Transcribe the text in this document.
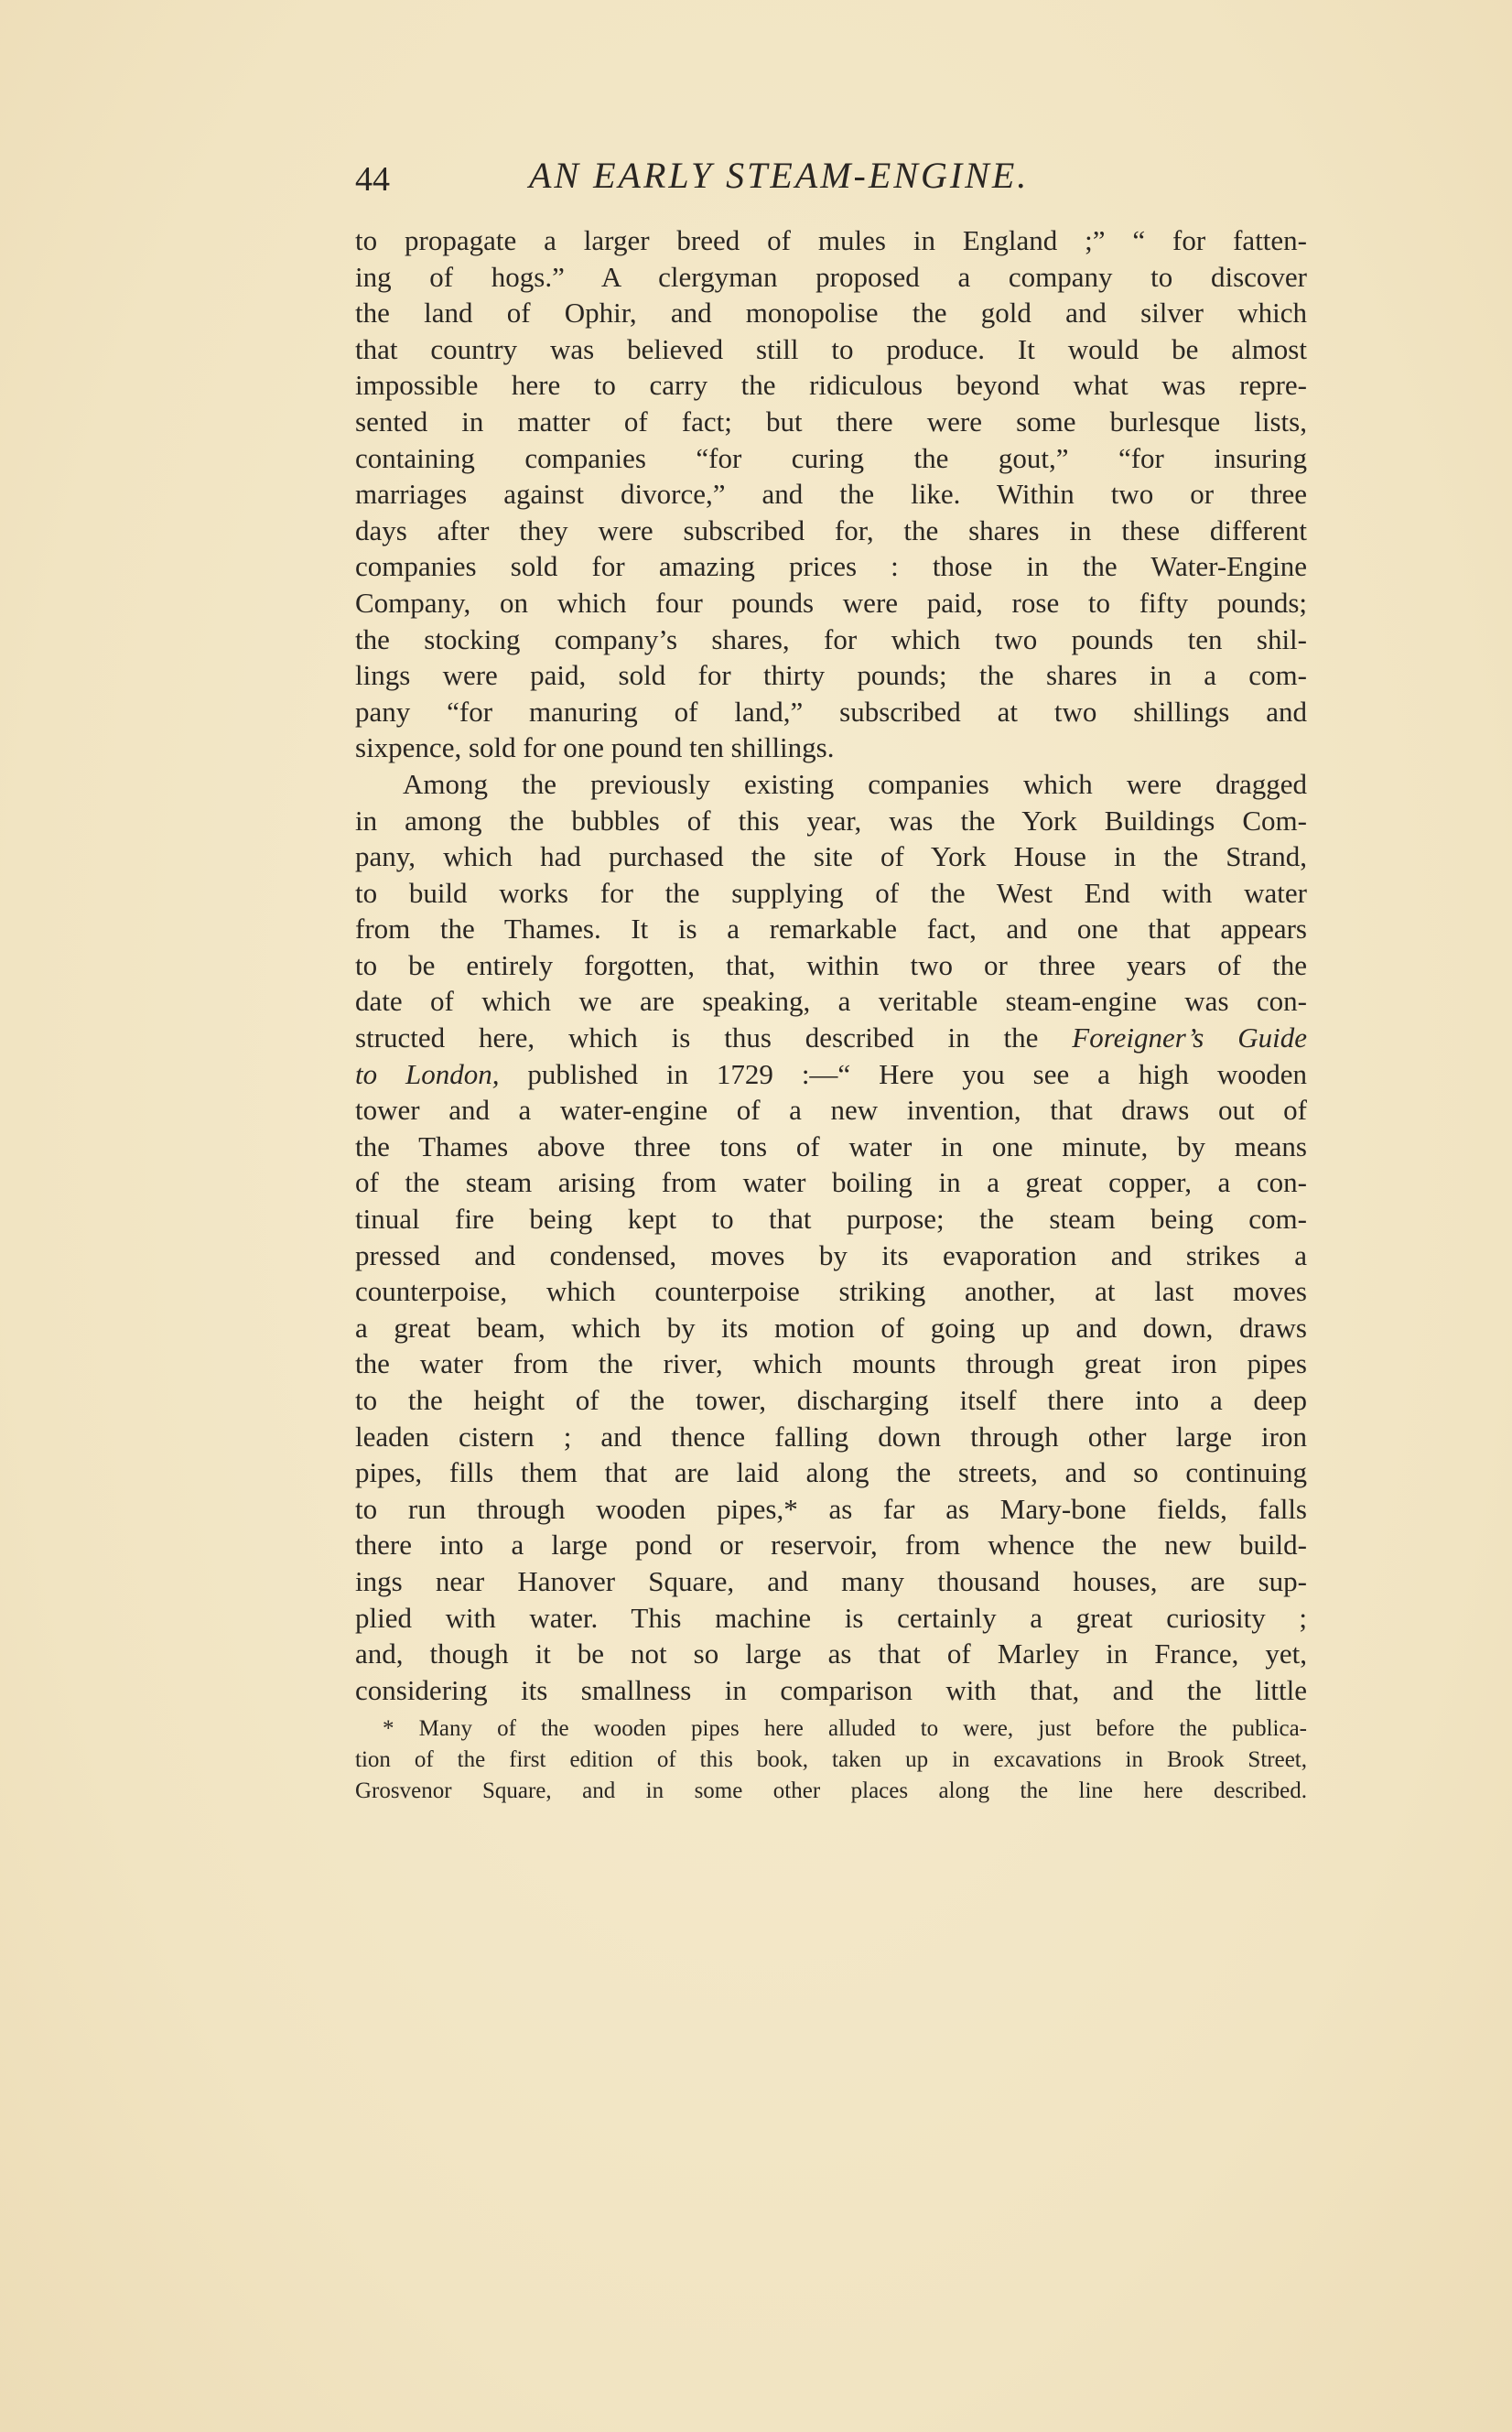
44	AN EARLY STEAM-ENGINE.
to propagate a larger breed of mules in England ;” “ for fatten-
ing of hogs.” A clergyman proposed a company to discover
the land of Ophir, and monopolise the gold and silver which
that country was believed still to produce. It would be almost
impossible here to carry the ridiculous beyond what was repre-
sented in matter of fact; but there were some burlesque lists,
containing companies “for curing the gout,” “for insuring
marriages against divorce,” and the like. Within two or three
days after they were subscribed for, the shares in these different
companies sold for amazing prices : those in the Water-Engine
Company, on which four pounds were paid, rose to fifty pounds;
the stocking company’s shares, for which two pounds ten shil-
lings were paid, sold for thirty pounds; the shares in a com-
pany “for manuring of land,” subscribed at two shillings and
sixpence, sold for one pound ten shillings.
Among the previously existing companies which were dragged
in among the bubbles of this year, was the York Buildings Com-
pany, which had purchased the site of York House in the Strand,
to build works for the supplying of the West End with water
from the Thames. It is a remarkable fact, and one that appears
to be entirely forgotten, that, within two or three years of the
date of which we are speaking, a veritable steam-engine was con-
structed here, which is thus described in the Foreigner’s Guide
to London, published in 1729 :—“ Here you see a high wooden
tower and a water-engine of a new invention, that draws out of
the Thames above three tons of water in one minute, by means
of the steam arising from water boiling in a great copper, a con-
tinual fire being kept to that purpose; the steam being com-
pressed and condensed, moves by its evaporation and strikes a
counterpoise, which counterpoise striking another, at last moves
a great beam, which by its motion of going up and down, draws
the water from the river, which mounts through great iron pipes
to the height of the tower, discharging itself there into a deep
leaden cistern ; and thence falling down through other large iron
pipes, fills them that are laid along the streets, and so continuing
to run through wooden pipes,* as far as Mary-bone fields, falls
there into a large pond or reservoir, from whence the new build-
ings near Hanover Square, and many thousand houses, are sup-
plied with water. This machine is certainly a great curiosity ;
and, though it be not so large as that of Marley in France, yet,
considering its smallness in comparison with that, and the little
* Many of the wooden pipes here alluded to were, just before the publica-
tion of the first edition of this book, taken up in excavations in Brook Street,
Grosvenor Square, and in some other places along the line here described.
